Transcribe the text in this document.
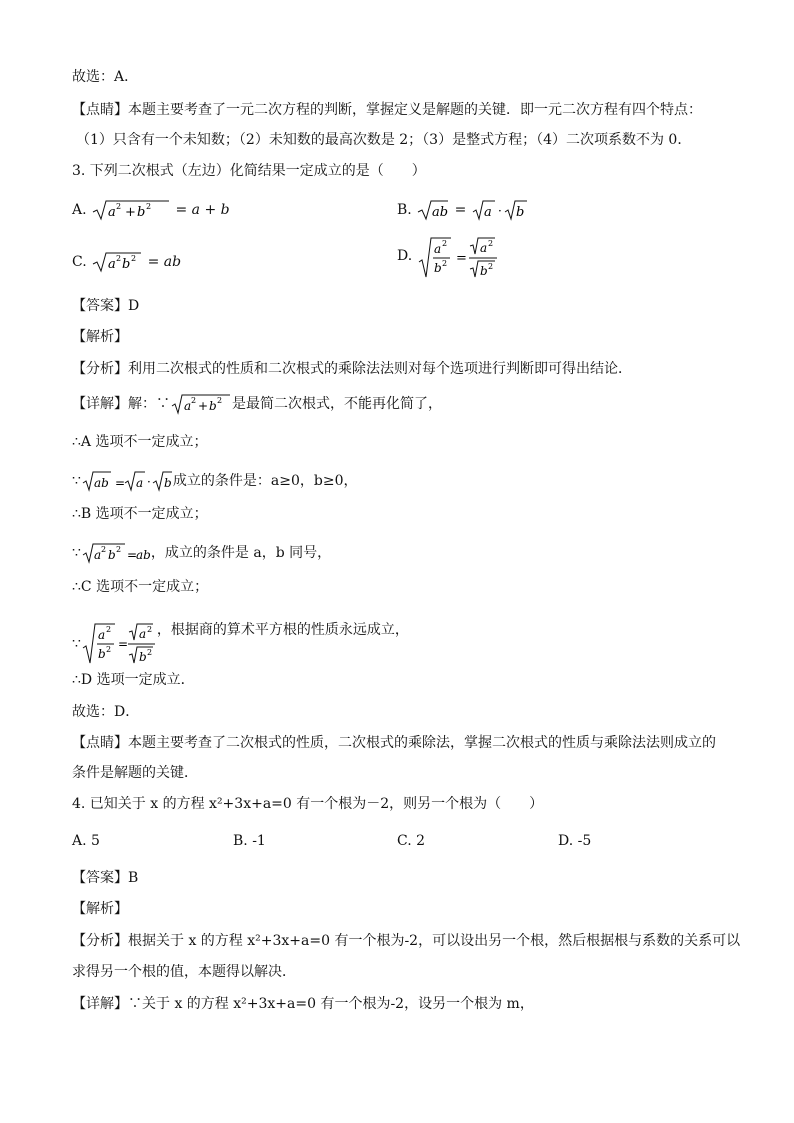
故选：A．
【点睛】本题主要考查了一元二次方程的判断，掌握定义是解题的关键．即一元二次方程有四个特点：
（1）只含有一个未知数；（2）未知数的最高次数是 2；（3）是整式方程；（4）二次项系数不为 0．
3. 下列二次根式（左边）化简结果一定成立的是（　　）
A. a 2 + b 2 = a + b	B. ab = a · b
C. a 2 b 2 = ab	D. a 2
b 2 =
a 2
b 2
【答案】D
【解析】
【分析】利用二次根式的性质和二次根式的乘除法法则对每个选项进行判断即可得出结论．
【详解】解：∵ a 2 + b 2 是最简二次根式，不能再化简了，
∴A 选项不一定成立；
∵ ab = a · b 成立的条件是：a≥0，b≥0，
∴B 选项不一定成立；
∵ a 2 b 2 =
ab ，成立的条件是 a，b 同号，
∴C 选项不一定成立；
∵
a 2
b 2 =
a 2
b 2
，根据商的算术平方根的性质永远成立，
∴D 选项一定成立．
故选：D．
【点睛】本题主要考查了二次根式的性质，二次根式的乘除法，掌握二次根式的性质与乘除法法则成立的
条件是解题的关键．
4. 已知关于 x 的方程 x²+3x+a=0 有一个根为－2，则另一个根为（　　）
A. 5	B. -1	C. 2	D. -5
【答案】B
【解析】
【分析】根据关于 x 的方程 x²+3x+a=0 有一个根为-2，可以设出另一个根，然后根据根与系数的关系可以
求得另一个根的值，本题得以解决．
【详解】∵关于 x 的方程 x²+3x+a=0 有一个根为-2，设另一个根为 m，
